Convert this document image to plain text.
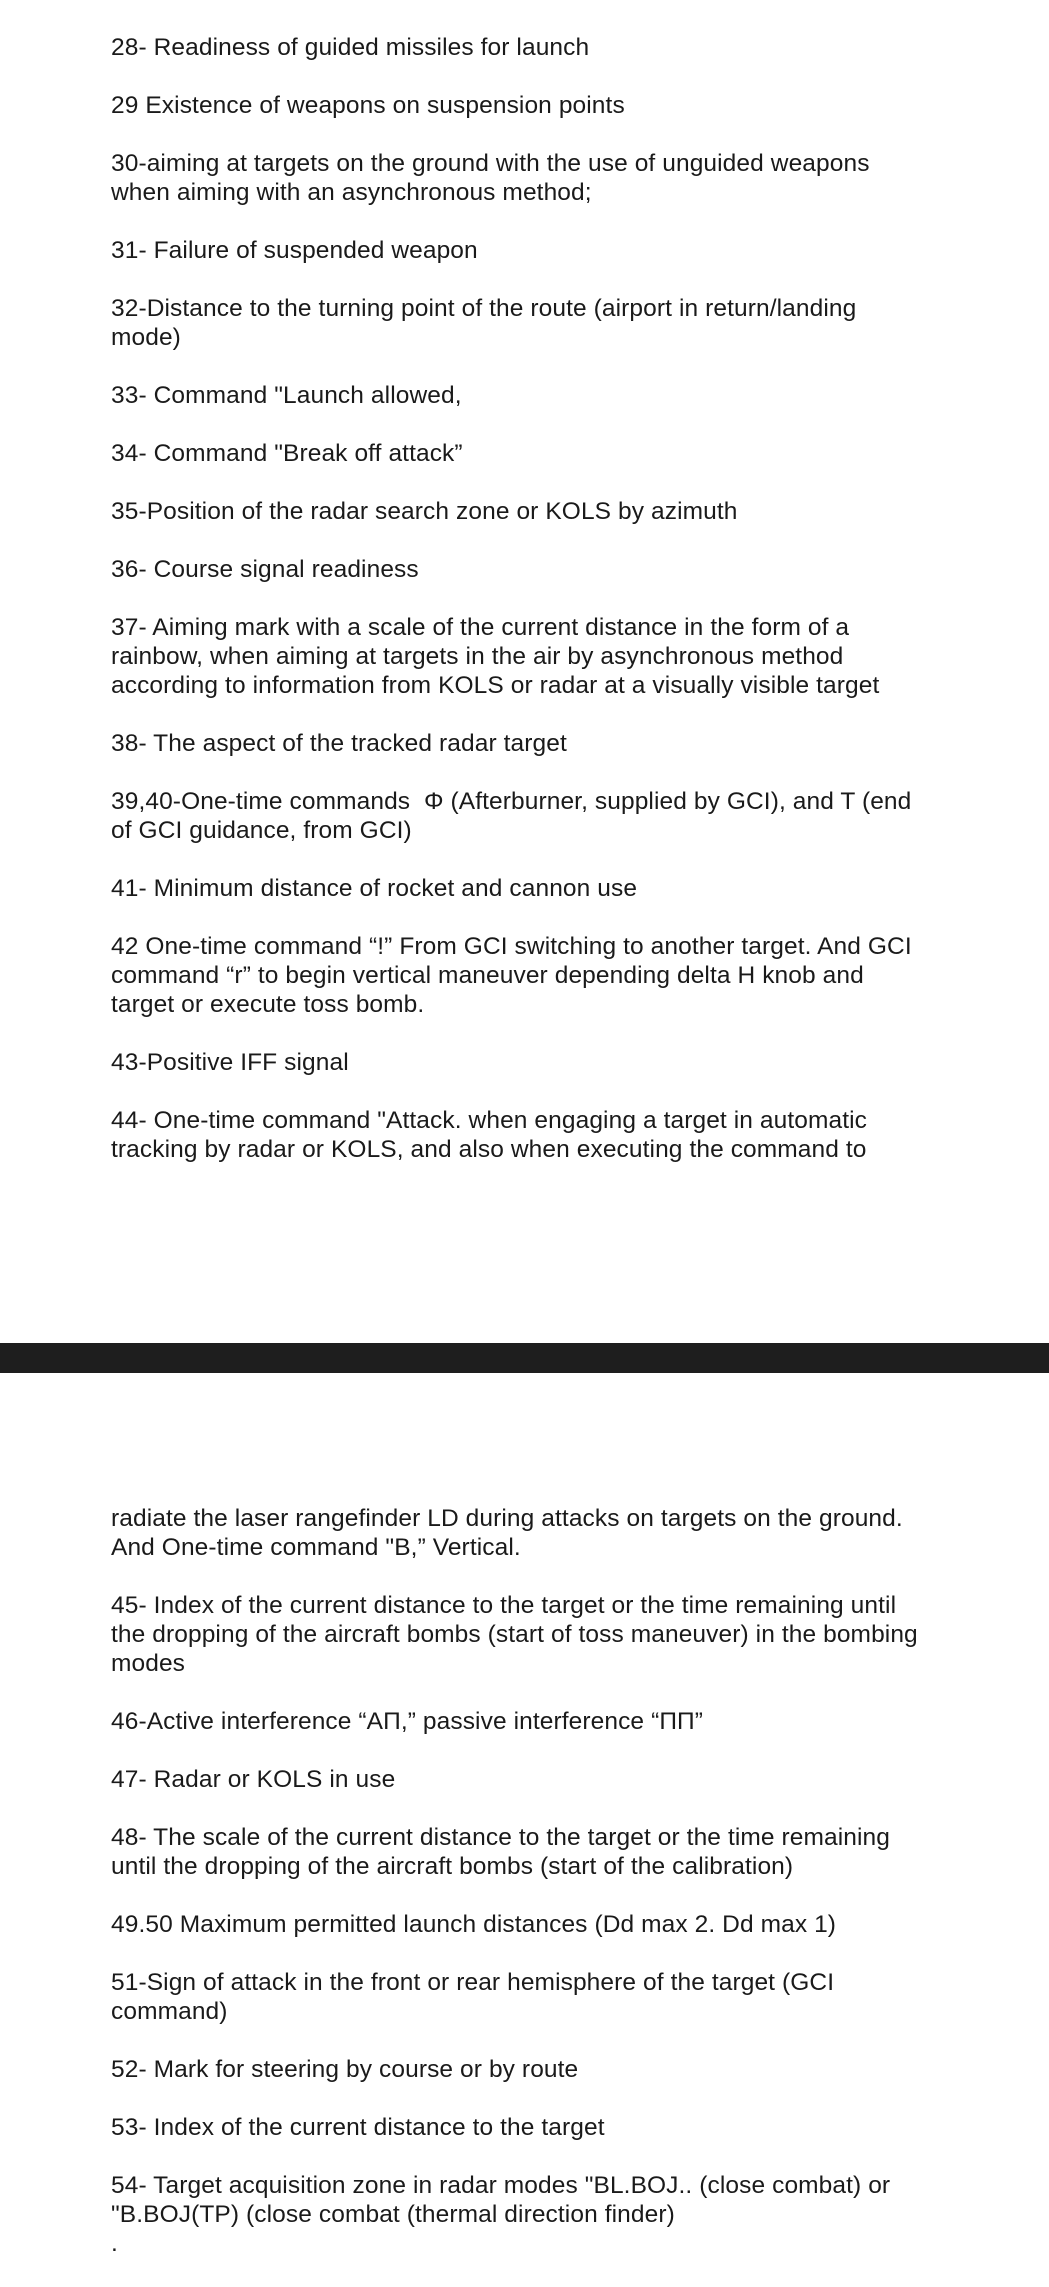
28- Readiness of guided missiles for launch

29 Existence of weapons on suspension points

30-aiming at targets on the ground with the use of unguided weapons
when aiming with an asynchronous method;

31- Failure of suspended weapon

32-Distance to the turning point of the route (airport in return/landing
mode)

33- Command "Launch allowed,

34- Command "Break off attack”

35-Position of the radar search zone or KOLS by azimuth

36- Course signal readiness

37- Aiming mark with a scale of the current distance in the form of a
rainbow, when aiming at targets in the air by asynchronous method
according to information from KOLS or radar at a visually visible target

38- The aspect of the tracked radar target

39,40-One-time commands  Φ (Afterburner, supplied by GCI), and T (end
of GCI guidance, from GCI)

41- Minimum distance of rocket and cannon use

42 One-time command “!” From GCI switching to another target. And GCI
command “r” to begin vertical maneuver depending delta H knob and
target or execute toss bomb.

43-Positive IFF signal

44- One-time command "Attack. when engaging a target in automatic
tracking by radar or KOLS, and also when executing the command to

radiate the laser rangefinder LD during attacks on targets on the ground.
And One-time command "B,” Vertical.

45- Index of the current distance to the target or the time remaining until
the dropping of the aircraft bombs (start of toss maneuver) in the bombing
modes

46-Active interference “AП,” passive interference “ПП”

47- Radar or KOLS in use

48- The scale of the current distance to the target or the time remaining
until the dropping of the aircraft bombs (start of the calibration)

49.50 Maximum permitted launch distances (Dd max 2. Dd max 1)

51-Sign of attack in the front or rear hemisphere of the target (GCI
command)

52- Mark for steering by course or by route

53- Index of the current distance to the target

54- Target acquisition zone in radar modes "BL.BOJ.. (close combat) or
"B.BOJ(TP) (close combat (thermal direction finder)
.
